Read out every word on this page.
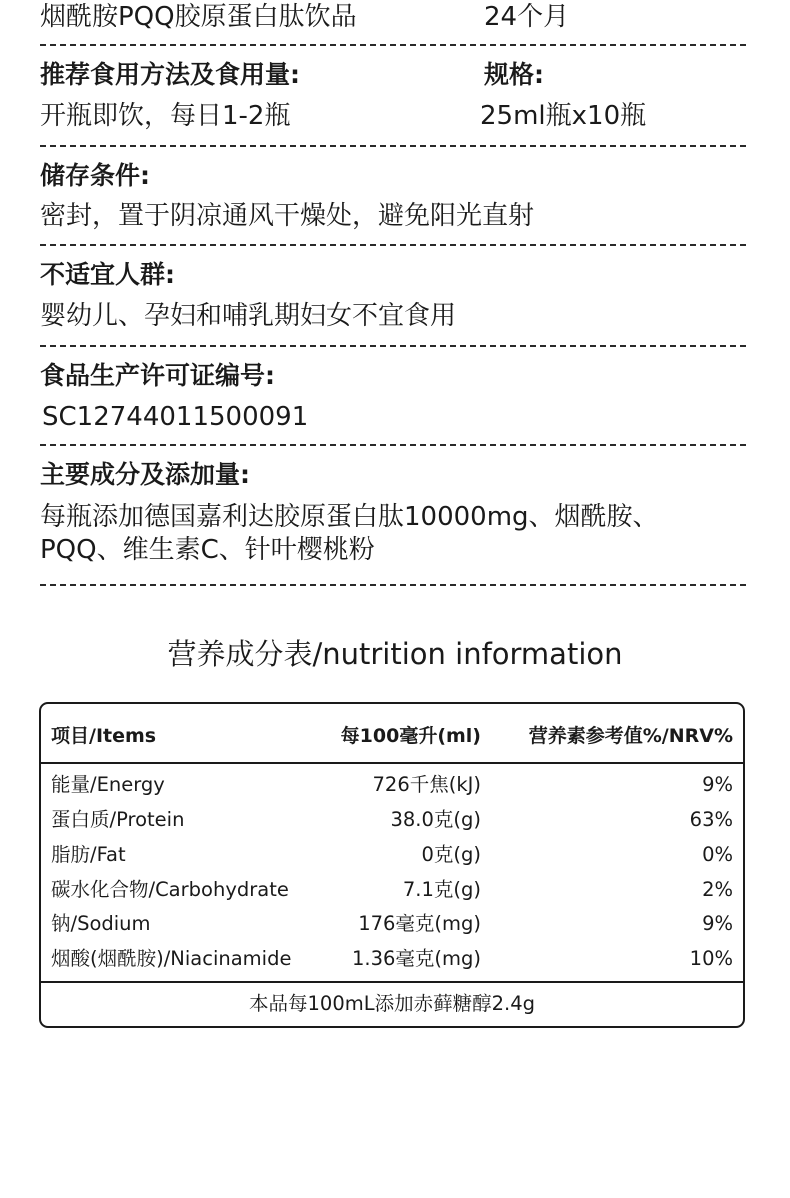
烟酰胺PQQ胶原蛋白肽饮品	24个月
推荐食用方法及食用量:	规格:
开瓶即饮，每日1-2瓶	25ml瓶x10瓶
储存条件:
密封，置于阴凉通风干燥处，避免阳光直射
不适宜人群:
婴幼儿、孕妇和哺乳期妇女不宜食用
食品生产许可证编号:
SC12744011500091
主要成分及添加量:
每瓶添加德国嘉利达胶原蛋白肽10000mg、烟酰胺、
PQQ、维生素C、针叶樱桃粉
营养成分表/nutrition information
项目/Items	每100毫升(ml)	营养素参考值%/NRV%
能量/Energy	726千焦(kJ)	9%
蛋白质/Protein	38.0克(g)	63%
脂肪/Fat	0克(g)	0%
碳水化合物/Carbohydrate	7.1克(g)	2%
钠/Sodium	176毫克(mg)	9%
烟酸(烟酰胺)/Niacinamide	1.36毫克(mg)	10%
本品每100mL添加赤藓糖醇2.4g
